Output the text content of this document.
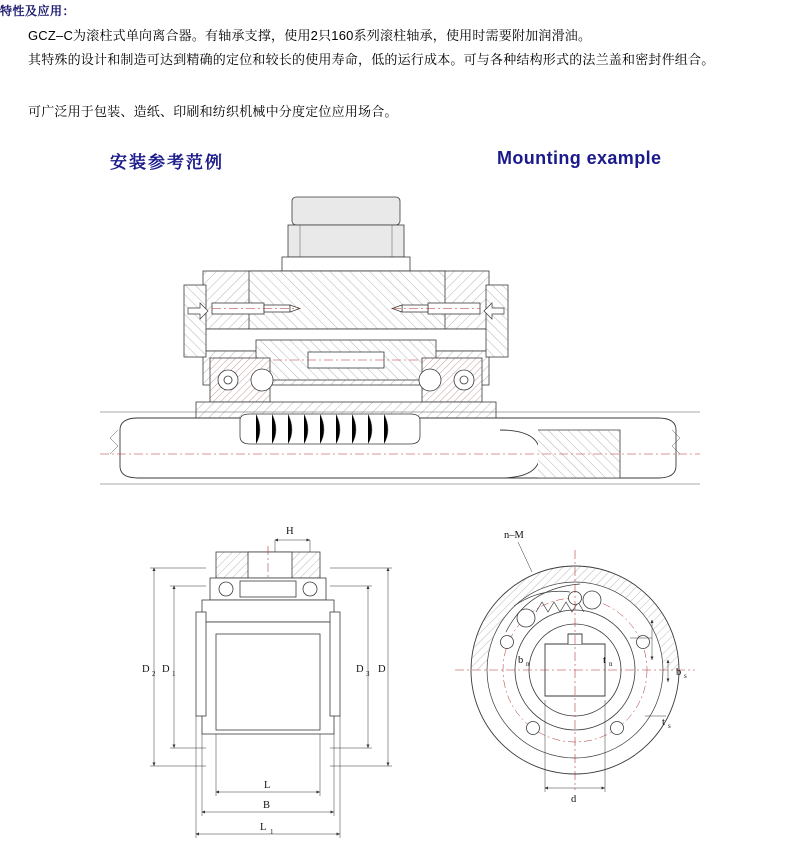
特性及应用：
GCZ–C为滚柱式单向离合器。有轴承支撑，使用2只160系列滚柱轴承，使用时需要附加润滑油。
其特殊的设计和制造可达到精确的定位和较长的使用寿命，低的运行成本。可与各种结构形式的法兰盖和密封件组合。
可广泛用于包装、造纸、印刷和纺织机械中分度定位应用场合。
安装参考范例	Mounting example
H
D 2 D 1	D 3 D
L
B
L 1
n–M
b n	t n
b s
t s
d
